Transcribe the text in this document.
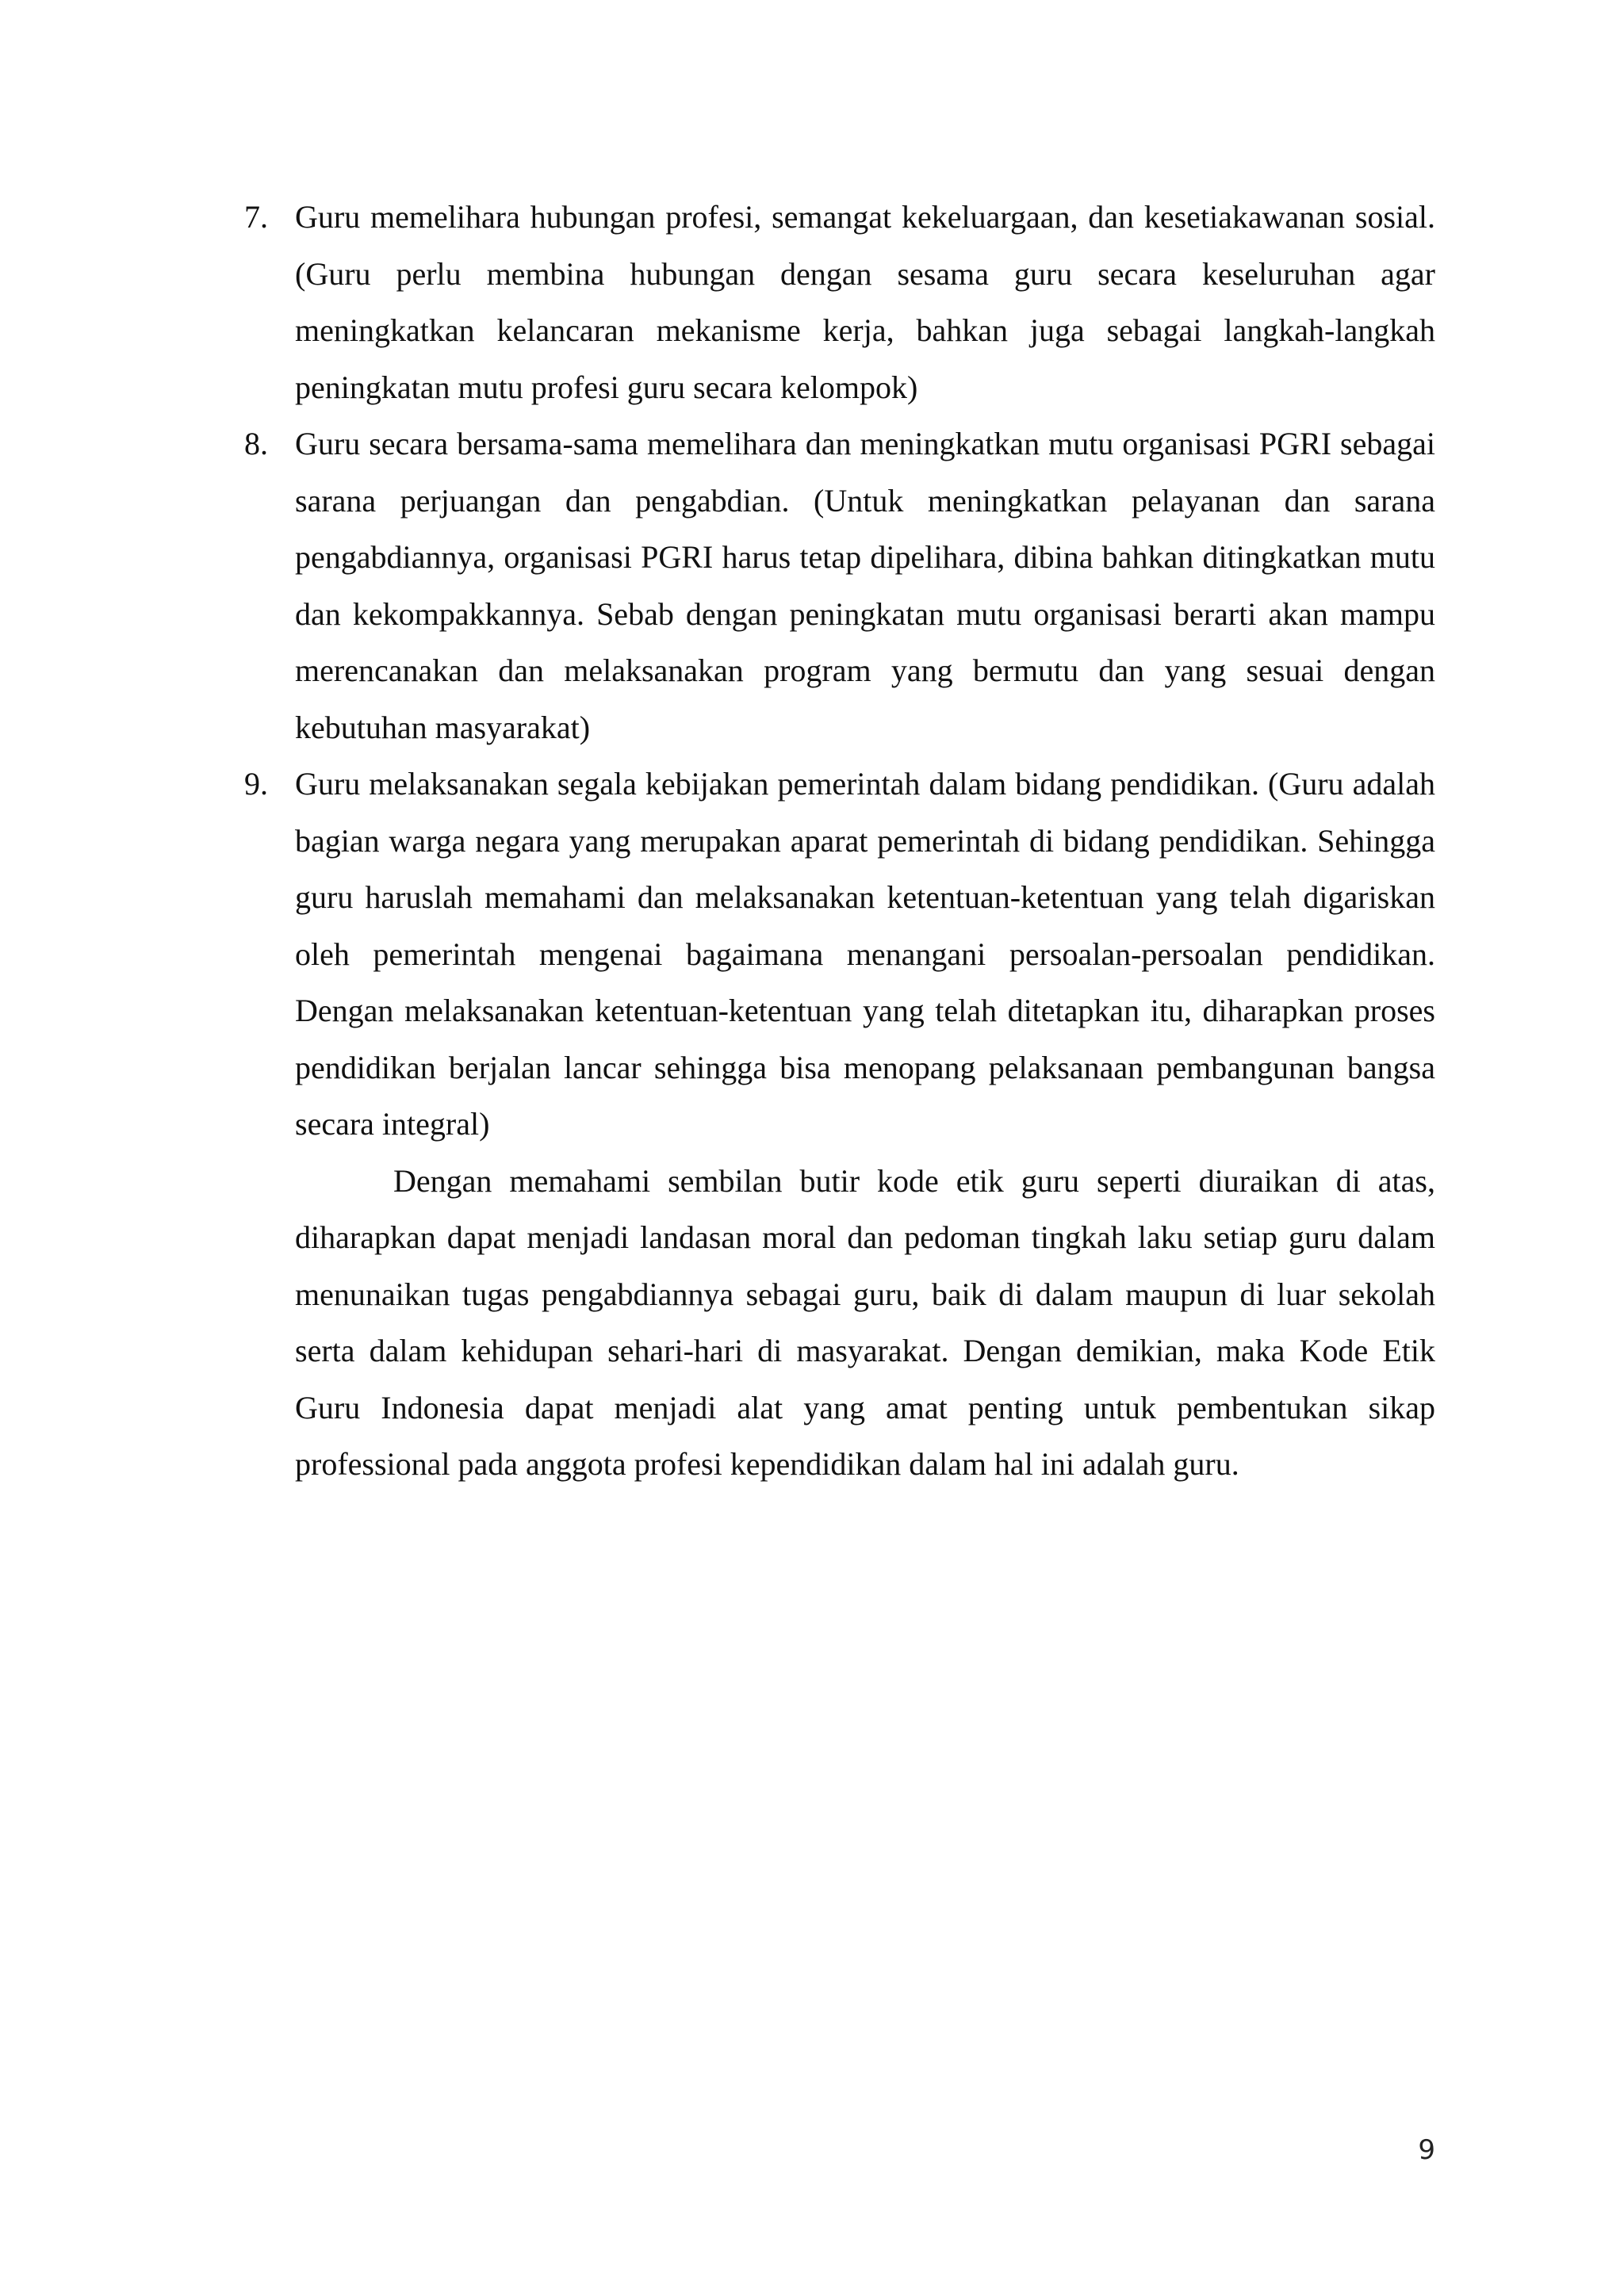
7. Guru memelihara hubungan profesi, semangat kekeluargaan, dan kesetiakawanan sosial. (Guru perlu membina hubungan dengan sesama guru secara keseluruhan agar meningkatkan kelancaran mekanisme kerja, bahkan juga sebagai langkah-langkah peningkatan mutu profesi guru secara kelompok)
8. Guru secara bersama-sama memelihara dan meningkatkan mutu organisasi PGRI sebagai sarana perjuangan dan pengabdian. (Untuk meningkatkan pelayanan dan sarana pengabdiannya, organisasi PGRI harus tetap dipelihara, dibina bahkan ditingkatkan mutu dan kekompakkannya. Sebab dengan peningkatan mutu organisasi berarti akan mampu merencanakan dan melaksanakan program yang bermutu dan yang sesuai dengan kebutuhan masyarakat)
9. Guru melaksanakan segala kebijakan pemerintah dalam bidang pendidikan. (Guru adalah bagian warga negara yang merupakan aparat pemerintah di bidang pendidikan. Sehingga guru haruslah memahami dan melaksanakan ketentuan-ketentuan yang telah digariskan oleh pemerintah mengenai bagaimana menangani persoalan-persoalan pendidikan. Dengan melaksanakan ketentuan-ketentuan yang telah ditetapkan itu, diharapkan proses pendidikan berjalan lancar sehingga bisa menopang pelaksanaan pembangunan bangsa secara integral)

Dengan memahami sembilan butir kode etik guru seperti diuraikan di atas, diharapkan dapat menjadi landasan moral dan pedoman tingkah laku setiap guru dalam menunaikan tugas pengabdiannya sebagai guru, baik di dalam maupun di luar sekolah serta dalam kehidupan sehari-hari di masyarakat. Dengan demikian, maka Kode Etik Guru Indonesia dapat menjadi alat yang amat penting untuk pembentukan sikap professional pada anggota profesi kependidikan dalam hal ini adalah guru.

9
